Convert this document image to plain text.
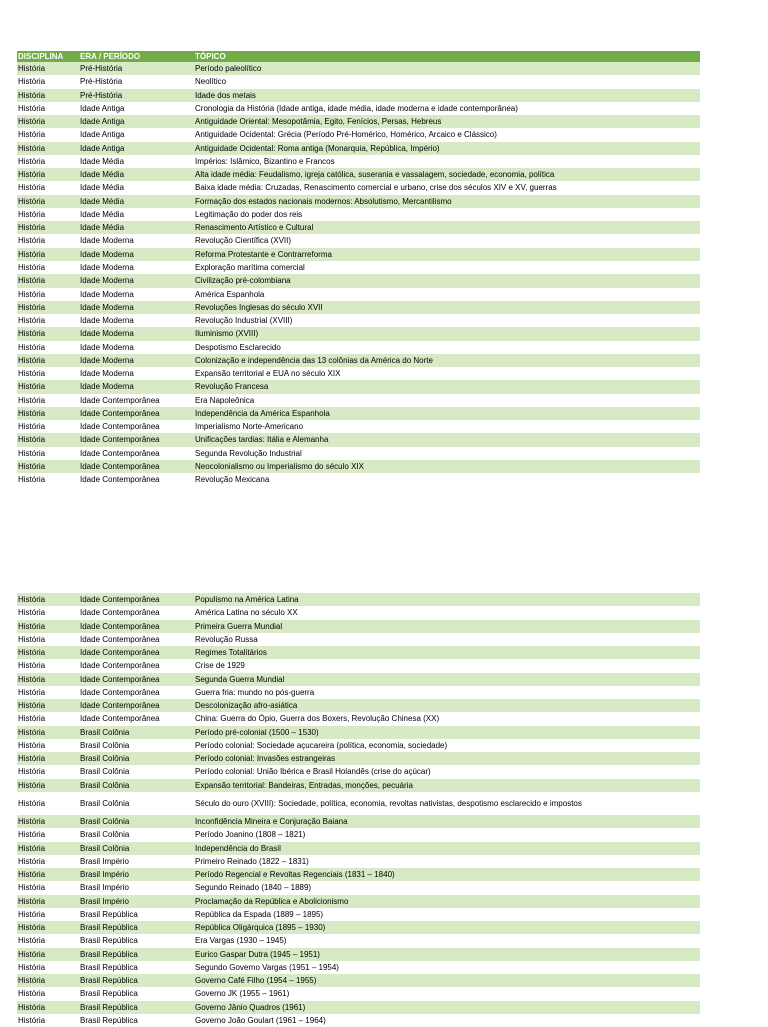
DISCIPLINA	ERA / PERÍODO	TÓPICO
História	Pré-História	Período paleolítico
História	Pré-História	Neolítico
História	Pré-História	Idade dos metais
História	Idade Antiga	Cronologia da História (Idade antiga, idade média, idade moderna e idade contemporânea)
História	Idade Antiga	Antiguidade Oriental: Mesopotâmia, Egito, Fenícios, Persas, Hebreus
História	Idade Antiga	Antiguidade Ocidental: Grécia (Período Pré-Homérico, Homérico, Arcaico e Clássico)
História	Idade Antiga	Antiguidade Ocidental: Roma antiga (Monarquia, República, Império)
História	Idade Média	Impérios: Islâmico, Bizantino e Francos
História	Idade Média	Alta idade média: Feudalismo, igreja católica, suserania e vassalagem, sociedade, economia, política
História	Idade Média	Baixa idade média: Cruzadas, Renascimento comercial e urbano, crise dos séculos XIV e XV, guerras
História	Idade Média	Formação dos estados nacionais modernos: Absolutismo, Mercantilismo
História	Idade Média	Legitimação do poder dos reis
História	Idade Média	Renascimento Artístico e Cultural
História	Idade Moderna	Revolução Científica (XVII)
História	Idade Moderna	Reforma Protestante e Contrarreforma
História	Idade Moderna	Exploração marítima comercial
História	Idade Moderna	Civilização pré-colombiana
História	Idade Moderna	América Espanhola
História	Idade Moderna	Revoluções Inglesas do século XVII
História	Idade Moderna	Revolução Industrial (XVIII)
História	Idade Moderna	Iluminismo (XVIII)
História	Idade Moderna	Despotismo Esclarecido
História	Idade Moderna	Colonização e independência das 13 colônias da América do Norte
História	Idade Moderna	Expansão territorial e EUA no século XIX
História	Idade Moderna	Revolução Francesa
História	Idade Contemporânea	Era Napoleônica
História	Idade Contemporânea	Independência da América Espanhola
História	Idade Contemporânea	Imperialismo Norte-Americano
História	Idade Contemporânea	Unificações tardias: Itália e Alemanha
História	Idade Contemporânea	Segunda Revolução Industrial
História	Idade Contemporânea	Neocolonialismo ou Imperialismo do século XIX
História	Idade Contemporânea	Revolução Mexicana
História	Idade Contemporânea	Populismo na América Latina
História	Idade Contemporânea	América Latina no século XX
História	Idade Contemporânea	Primeira Guerra Mundial
História	Idade Contemporânea	Revolução Russa
História	Idade Contemporânea	Regimes Totalitários
História	Idade Contemporânea	Crise de 1929
História	Idade Contemporânea	Segunda Guerra Mundial
História	Idade Contemporânea	Guerra fria: mundo no pós-guerra
História	Idade Contemporânea	Descolonização afro-asiática
História	Idade Contemporânea	China: Guerra do Ópio, Guerra dos Boxers, Revolução Chinesa (XX)
História	Brasil Colônia	Período pré-colonial (1500 – 1530)
História	Brasil Colônia	Período colonial: Sociedade açucareira (política, economia, sociedade)
História	Brasil Colônia	Período colonial: Invasões estrangeiras
História	Brasil Colônia	Período colonial: União Ibérica e Brasil Holandês (crise do açúcar)
História	Brasil Colônia	Expansão territorial: Bandeiras, Entradas, monções, pecuária
História	Brasil Colônia	Século do ouro (XVIII): Sociedade, política, economia, revoltas nativistas, despotismo esclarecido e impostos
História	Brasil Colônia	Inconfidência Mineira e Conjuração Baiana
História	Brasil Colônia	Período Joanino (1808 – 1821)
História	Brasil Colônia	Independência do Brasil
História	Brasil Império	Primeiro Reinado (1822 – 1831)
História	Brasil Império	Período Regencial e Revoltas Regenciais (1831 – 1840)
História	Brasil Império	Segundo Reinado (1840 – 1889)
História	Brasil Império	Proclamação da República e Abolicionismo
História	Brasil República	República da Espada (1889 – 1895)
História	Brasil República	República Oligárquica (1895 – 1930)
História	Brasil República	Era Vargas (1930 – 1945)
História	Brasil República	Eurico Gaspar Dutra (1945 – 1951)
História	Brasil República	Segundo Governo Vargas (1951 – 1954)
História	Brasil República	Governo Café Filho (1954 – 1955)
História	Brasil República	Governo JK (1955 – 1961)
História	Brasil República	Governo Jânio Quadros (1961)
História	Brasil República	Governo João Goulart (1961 – 1964)
